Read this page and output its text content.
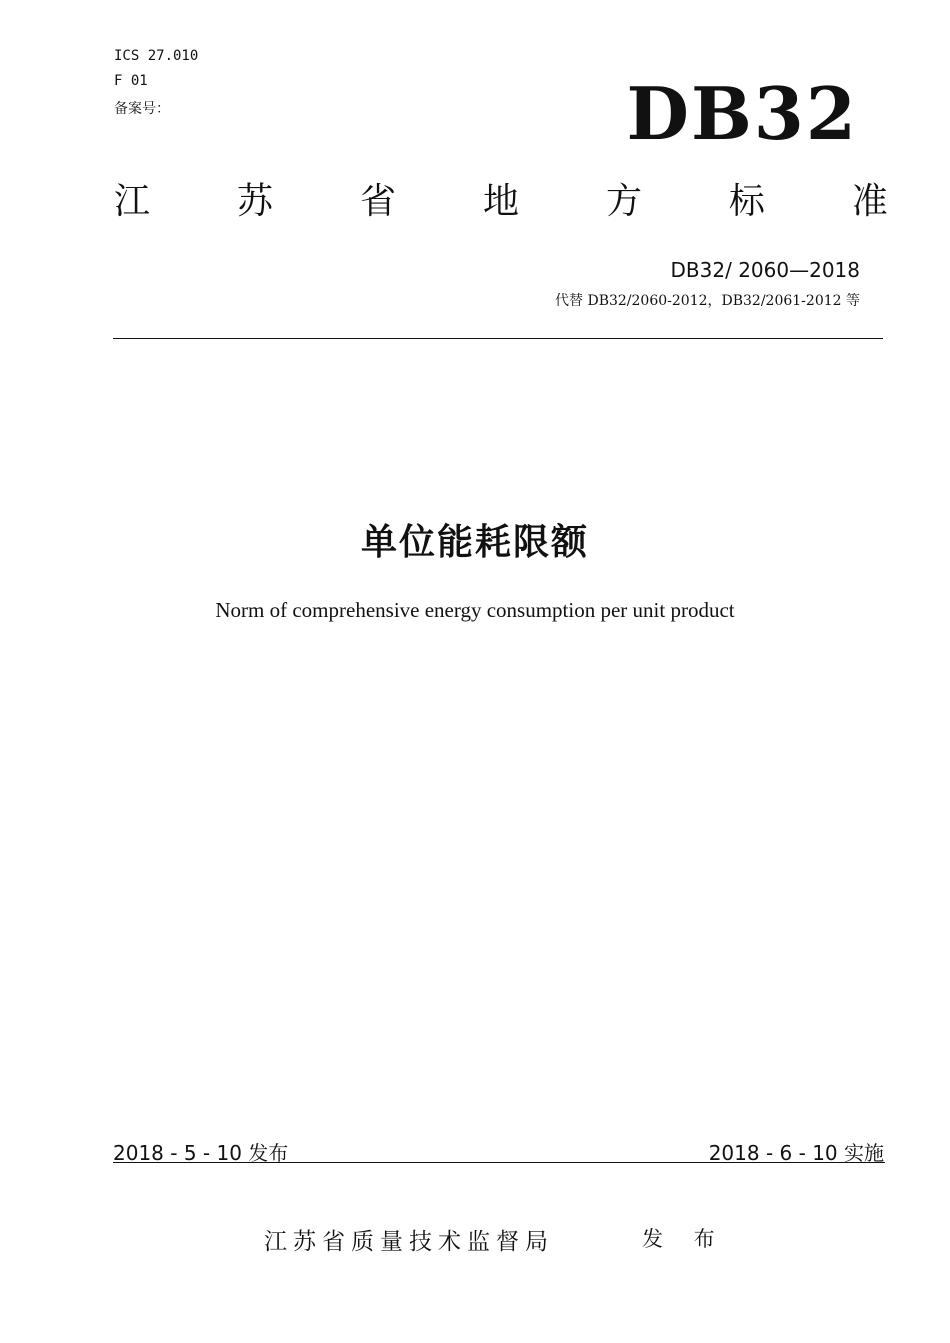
ICS 27.010
F 01
备案号：	DB32
江 苏 省 地 方 标 准
DB32/ 2060—2018
代替 DB32/2060-2012，DB32/2061-2012 等
单位能耗限额
Norm of comprehensive energy consumption per unit product
2018 - 5 - 10 发布	2018 - 6 - 10 实施
江苏省质量技术监督局	发 布
